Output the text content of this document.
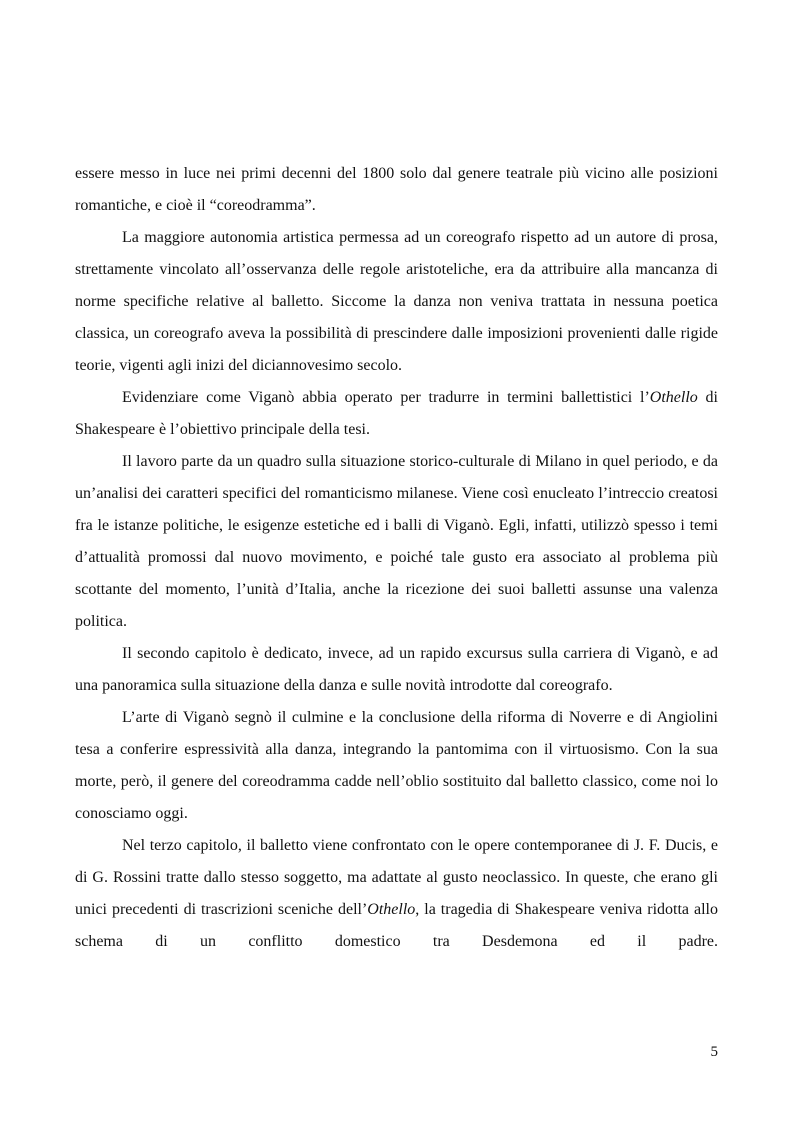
essere messo in luce nei primi decenni del 1800 solo dal genere teatrale più vicino alle posizioni romantiche, e cioè il “coreodramma”.

La maggiore autonomia artistica permessa ad un coreografo rispetto ad un autore di prosa, strettamente vincolato all’osservanza delle regole aristoteliche, era da attribuire alla mancanza di norme specifiche relative al balletto. Siccome la danza non veniva trattata in nessuna poetica classica, un coreografo aveva la possibilità di prescindere dalle imposizioni provenienti dalle rigide teorie, vigenti agli inizi del diciannovesimo secolo.

Evidenziare come Viganò abbia operato per tradurre in termini ballettistici l’Othello di Shakespeare è l’obiettivo principale della tesi.

Il lavoro parte da un quadro sulla situazione storico-culturale di Milano in quel periodo, e da un’analisi dei caratteri specifici del romanticismo milanese. Viene così enucleato l’intreccio creatosi fra le istanze politiche, le esigenze estetiche ed i balli di Viganò. Egli, infatti, utilizzò spesso i temi d’attualità promossi dal nuovo movimento, e poiché tale gusto era associato al problema più scottante del momento, l’unità d’Italia, anche la ricezione dei suoi balletti assunse una valenza politica.

Il secondo capitolo è dedicato, invece, ad un rapido excursus sulla carriera di Viganò, e ad una panoramica sulla situazione della danza e sulle novità introdotte dal coreografo.

L’arte di Viganò segnò il culmine e la conclusione della riforma di Noverre e di Angiolini tesa a conferire espressività alla danza, integrando la pantomima con il virtuosismo. Con la sua morte, però, il genere del coreodramma cadde nell’oblio sostituito dal balletto classico, come noi lo conosciamo oggi.

Nel terzo capitolo, il balletto viene confrontato con le opere contemporanee di J. F. Ducis, e di G. Rossini tratte dallo stesso soggetto, ma adattate al gusto neoclassico. In queste, che erano gli unici precedenti di trascrizioni sceniche dell’Othello, la tragedia di Shakespeare veniva ridotta allo schema di un conflitto domestico tra Desdemona ed il padre.

5
